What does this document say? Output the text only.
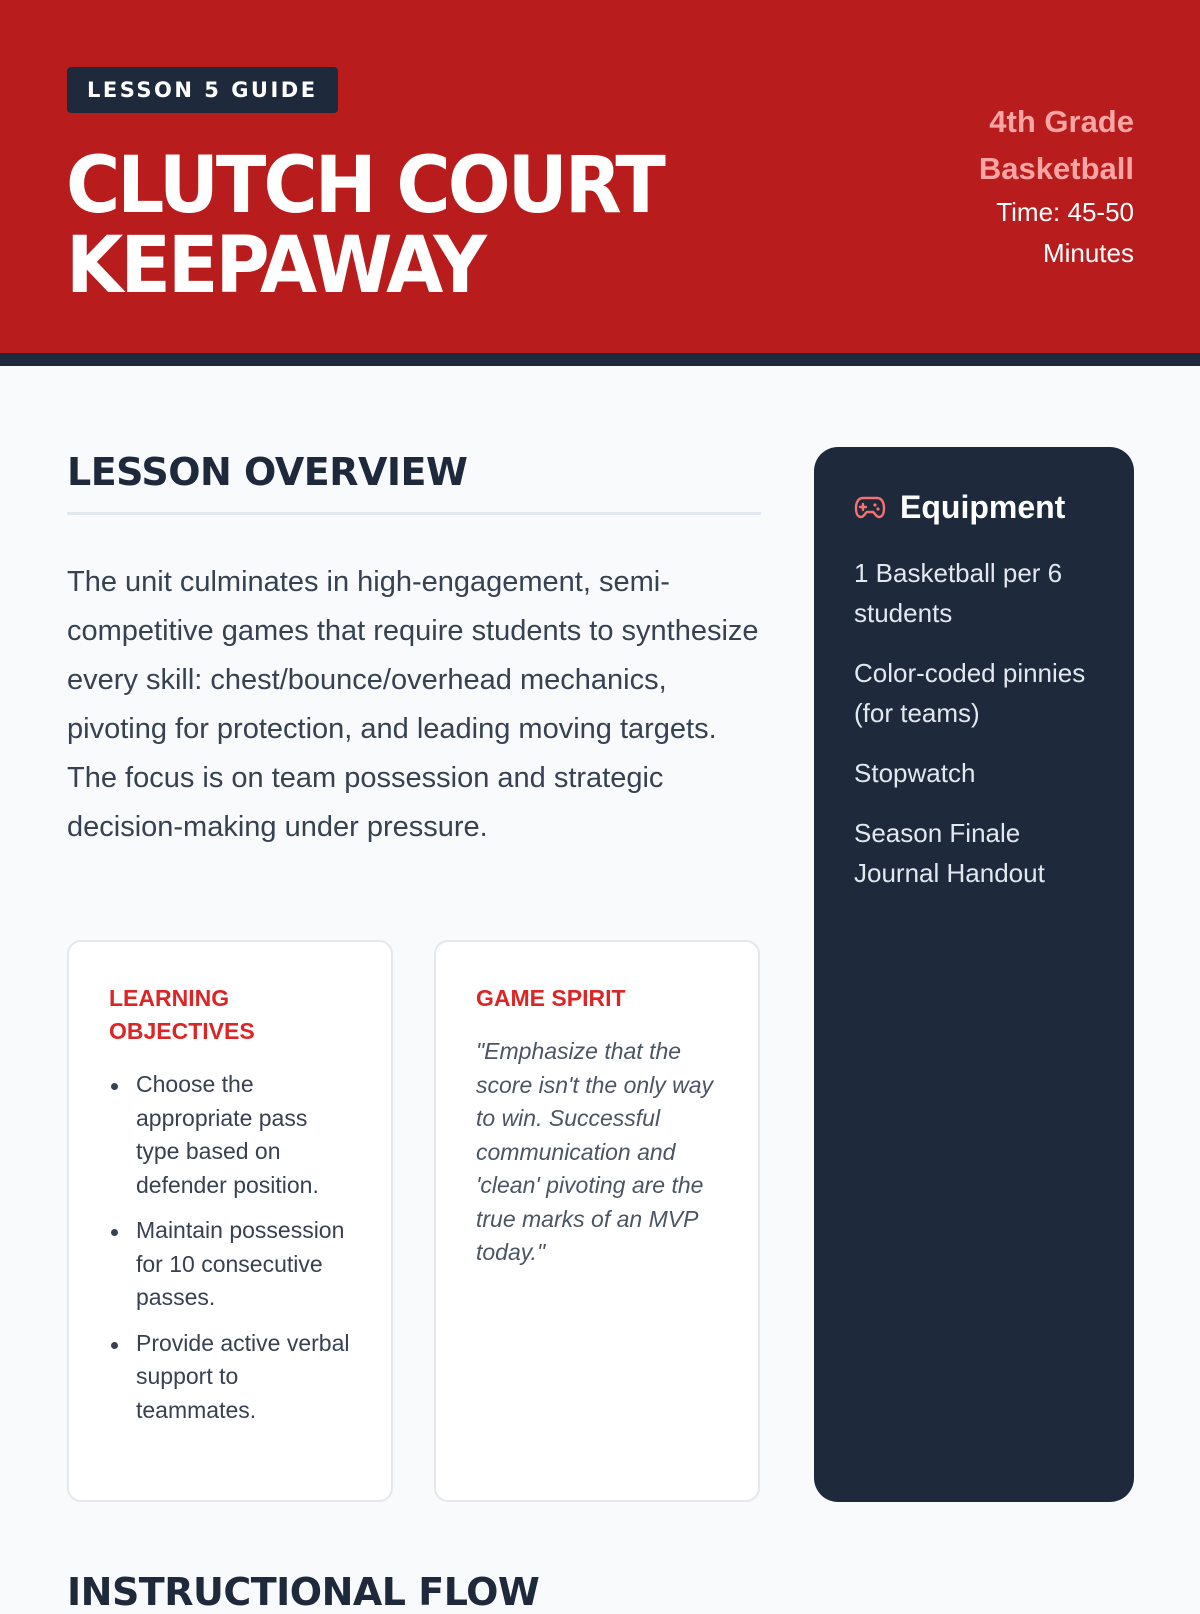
LESSON 5 GUIDE
CLUTCH COURT
KEEPAWAY
4th Grade
Basketball
Time: 45-50
Minutes
LESSON OVERVIEW

The unit culminates in high-engagement, semi-competitive games that require students to synthesize every skill: chest/bounce/overhead mechanics, pivoting for protection, and leading moving targets. The focus is on team possession and strategic decision-making under pressure.

LEARNING OBJECTIVES
Choose the appropriate pass type based on defender position.
Maintain possession for 10 consecutive passes.
Provide active verbal support to teammates.
GAME SPIRIT

"Emphasize that the score isn't the only way to win. Successful communication and 'clean' pivoting are the true marks of an MVP today."

Equipment
1 Basketball per 6 students
Color-coded pinnies (for teams)
Stopwatch
Season Finale Journal Handout
INSTRUCTIONAL FLOW
